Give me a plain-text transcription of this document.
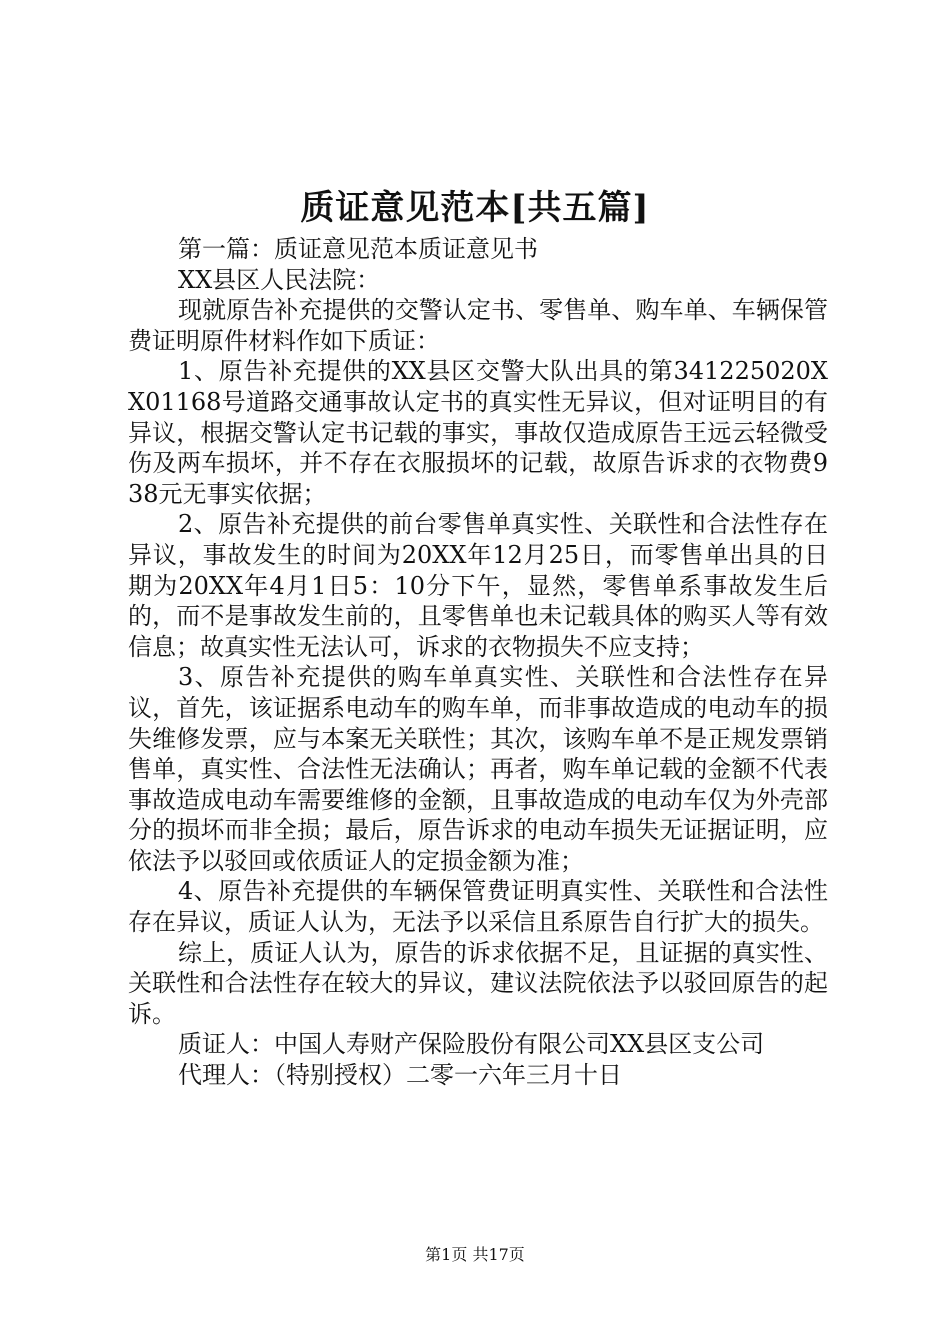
质证意见范本[共五篇]

第一篇：质证意见范本质证意见书

XX县区人民法院：

现就原告补充提供的交警认定书、零售单、购车单、车辆保管费证明原件材料作如下质证：

1、原告补充提供的XX县区交警大队出具的第341225020XX01168号道路交通事故认定书的真实性无异议，但对证明目的有异议，根据交警认定书记载的事实，事故仅造成原告王远云轻微受伤及两车损坏，并不存在衣服损坏的记载，故原告诉求的衣物费938元无事实依据；

2、原告补充提供的前台零售单真实性、关联性和合法性存在异议，事故发生的时间为20XX年12月25日，而零售单出具的日期为20XX年4月1日5：10分下午，显然，零售单系事故发生后的，而不是事故发生前的，且零售单也未记载具体的购买人等有效信息；故真实性无法认可，诉求的衣物损失不应支持；

3、原告补充提供的购车单真实性、关联性和合法性存在异议，首先，该证据系电动车的购车单，而非事故造成的电动车的损失维修发票，应与本案无关联性；其次，该购车单不是正规发票销售单，真实性、合法性无法确认；再者，购车单记载的金额不代表事故造成电动车需要维修的金额，且事故造成的电动车仅为外壳部分的损坏而非全损；最后，原告诉求的电动车损失无证据证明，应依法予以驳回或依质证人的定损金额为准；

4、原告补充提供的车辆保管费证明真实性、关联性和合法性存在异议，质证人认为，无法予以采信且系原告自行扩大的损失。

综上，质证人认为，原告的诉求依据不足，且证据的真实性、关联性和合法性存在较大的异议，建议法院依法予以驳回原告的起诉。

质证人：中国人寿财产保险股份有限公司XX县区支公司

代理人：（特别授权）二零一六年三月十日

第1页 共17页
